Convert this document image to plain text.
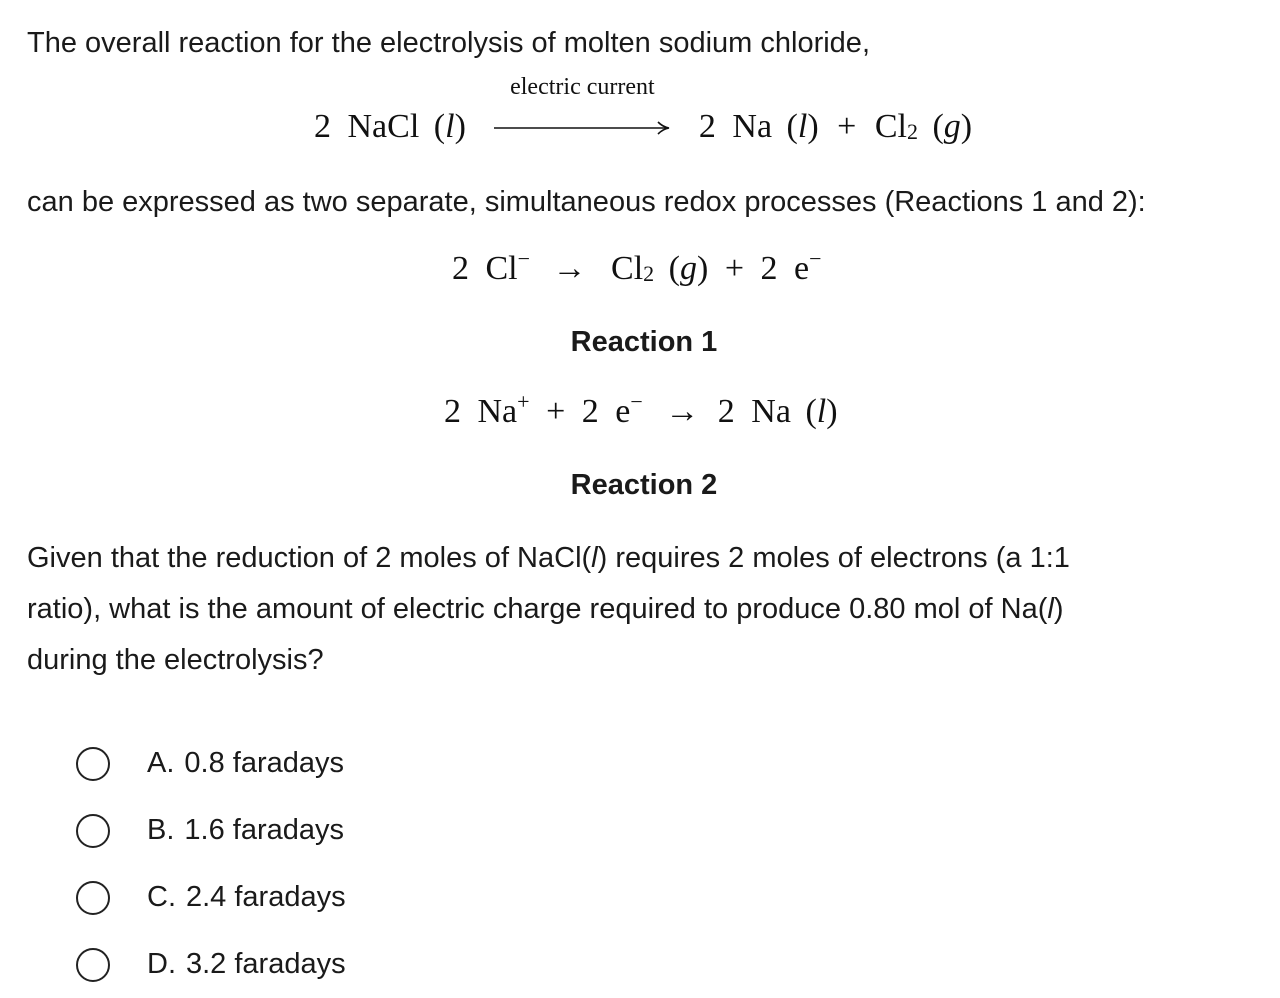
The overall reaction for the electrolysis of molten sodium chloride,

2 NaCl (l)
electric current
2 Na $(l) + Cl_2$ (g)

can be expressed as two separate, simultaneous redox processes (Reactions 1 and 2):

2 $Cl^- \to Cl_2$ (g) + 2 e−
Reaction 1
2 Na+ + 2 e− → 2 Na (l)
Reaction 2

Given that the reduction of 2 moles of NaCl(l) requires 2 moles of electrons (a 1:1

ratio), what is the amount of electric charge required to produce 0.80 mol of Na(l)

during the electrolysis?

A. 0.8 faradays
B. 1.6 faradays
C. 2.4 faradays
D. 3.2 faradays
